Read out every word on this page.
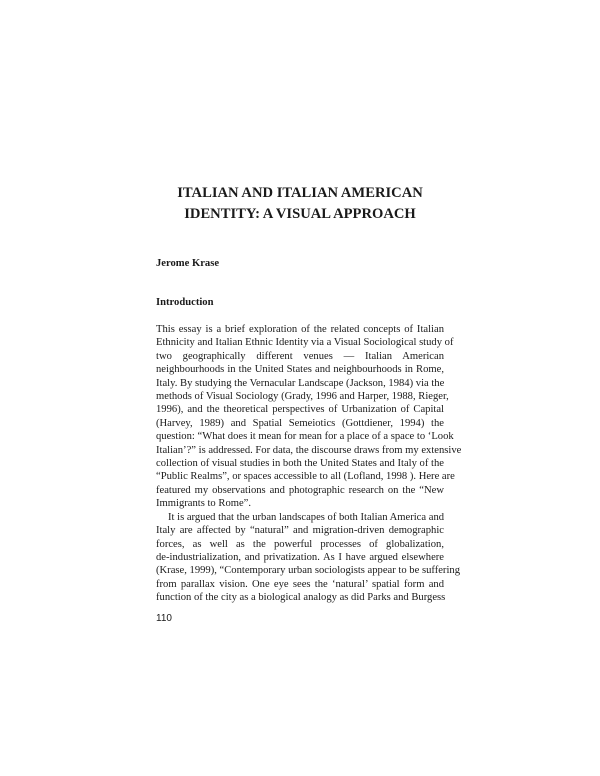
ITALIAN AND ITALIAN AMERICAN
IDENTITY: A VISUAL APPROACH
Jerome Krase
Introduction
This essay is a brief exploration of the related concepts of Italian
Ethnicity and Italian Ethnic Identity via a Visual Sociological study of
two geographically different venues — Italian American
neighbourhoods in the United States and neighbourhoods in Rome,
Italy. By studying the Vernacular Landscape (Jackson, 1984) via the
methods of Visual Sociology (Grady, 1996 and Harper, 1988, Rieger,
1996), and the theoretical perspectives of Urbanization of Capital
(Harvey, 1989) and Spatial Semeiotics (Gottdiener, 1994) the
question: “What does it mean for mean for a place of a space to ‘Look
Italian’?” is addressed. For data, the discourse draws from my extensive
collection of visual studies in both the United States and Italy of the
“Public Realms”, or spaces accessible to all (Lofland, 1998 ). Here are
featured my observations and photographic research on the “New
Immigrants to Rome”.
It is argued that the urban landscapes of both Italian America and
Italy are affected by “natural” and migration-driven demographic
forces, as well as the powerful processes of globalization,
de-industrialization, and privatization. As I have argued elsewhere
(Krase, 1999), “Contemporary urban sociologists appear to be suffering
from parallax vision. One eye sees the ‘natural’ spatial form and
function of the city as a biological analogy as did Parks and Burgess
110
